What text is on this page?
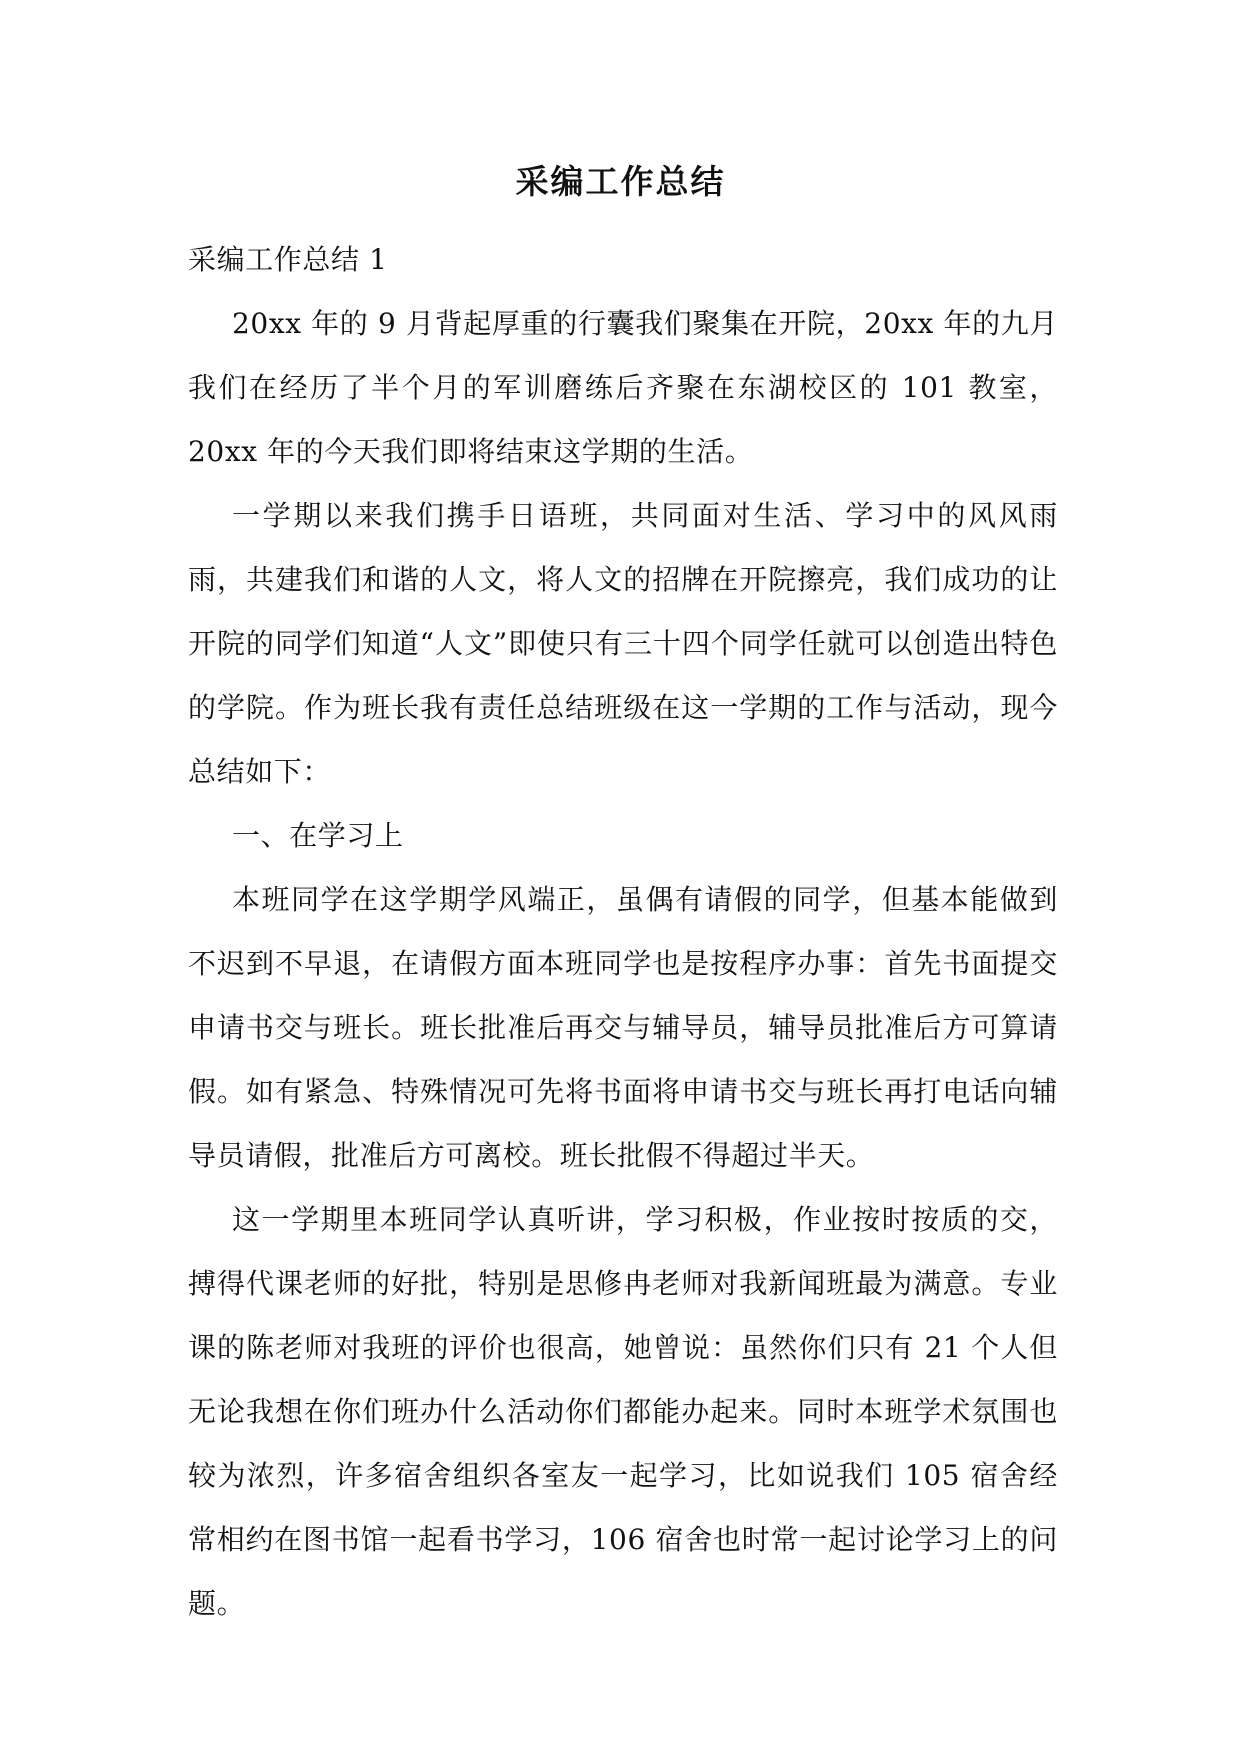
采编工作总结

采编工作总结 1

20xx 年的 9 月背起厚重的行囊我们聚集在开院，20xx 年的九月我们在经历了半个月的军训磨练后齐聚在东湖校区的 101 教室，20xx 年的今天我们即将结束这学期的生活。

一学期以来我们携手日语班，共同面对生活、学习中的风风雨雨，共建我们和谐的人文，将人文的招牌在开院擦亮，我们成功的让开院的同学们知道“人文”即使只有三十四个同学任就可以创造出特色的学院。作为班长我有责任总结班级在这一学期的工作与活动，现今总结如下：

一、在学习上

本班同学在这学期学风端正，虽偶有请假的同学，但基本能做到不迟到不早退，在请假方面本班同学也是按程序办事：首先书面提交申请书交与班长。班长批准后再交与辅导员，辅导员批准后方可算请假。如有紧急、特殊情况可先将书面将申请书交与班长再打电话向辅导员请假，批准后方可离校。班长批假不得超过半天。

这一学期里本班同学认真听讲，学习积极，作业按时按质的交，搏得代课老师的好批，特别是思修冉老师对我新闻班最为满意。专业课的陈老师对我班的评价也很高，她曾说：虽然你们只有 21 个人但无论我想在你们班办什么活动你们都能办起来。同时本班学术氛围也较为浓烈，许多宿舍组织各室友一起学习，比如说我们 105 宿舍经常相约在图书馆一起看书学习，106 宿舍也时常一起讨论学习上的问题。
